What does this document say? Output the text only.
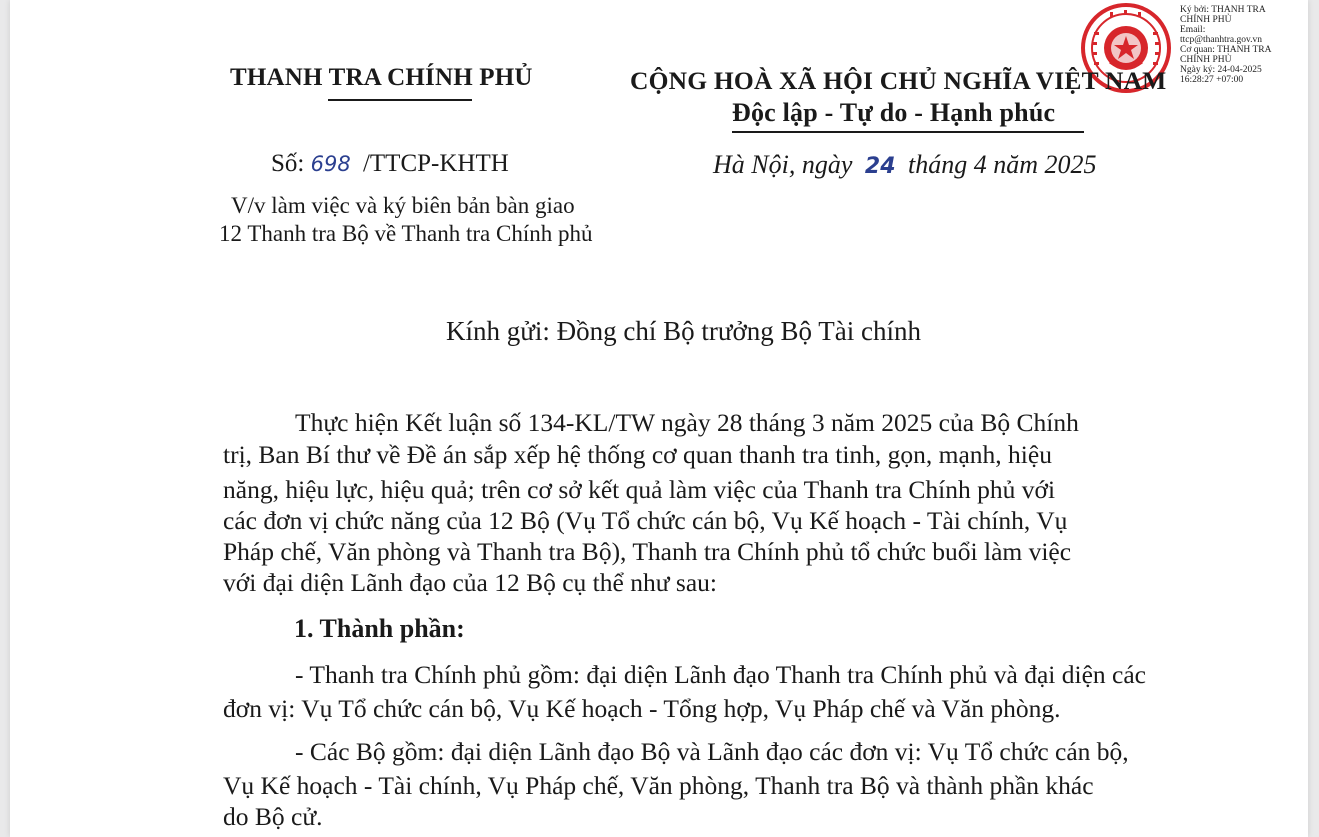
Ký bởi: THANH TRA
CHÍNH PHỦ
Email:
ttcp@thanhtra.gov.vn
Cơ quan: THANH TRA
CHÍNH PHỦ
Ngày ký: 24-04-2025
16:28:27 +07:00
THANH TRA CHÍNH PHỦ	CỘNG HOÀ XÃ HỘI CHỦ NGHĨA VIỆT NAM
Độc lập - Tự do - Hạnh phúc
Số: 698 /TTCP-KHTH	Hà Nội, ngày 24 tháng 4 năm 2025
V/v làm việc và ký biên bản bàn giao
12 Thanh tra Bộ về Thanh tra Chính phủ
Kính gửi: Đồng chí Bộ trưởng Bộ Tài chính
Thực hiện Kết luận số 134-KL/TW ngày 28 tháng 3 năm 2025 của Bộ Chính
trị, Ban Bí thư về Đề án sắp xếp hệ thống cơ quan thanh tra tinh, gọn, mạnh, hiệu
năng, hiệu lực, hiệu quả; trên cơ sở kết quả làm việc của Thanh tra Chính phủ với
các đơn vị chức năng của 12 Bộ (Vụ Tổ chức cán bộ, Vụ Kế hoạch - Tài chính, Vụ
Pháp chế, Văn phòng và Thanh tra Bộ), Thanh tra Chính phủ tổ chức buổi làm việc
với đại diện Lãnh đạo của 12 Bộ cụ thể như sau:
1. Thành phần:
- Thanh tra Chính phủ gồm: đại diện Lãnh đạo Thanh tra Chính phủ và đại diện các
đơn vị: Vụ Tổ chức cán bộ, Vụ Kế hoạch - Tổng hợp, Vụ Pháp chế và Văn phòng.
- Các Bộ gồm: đại diện Lãnh đạo Bộ và Lãnh đạo các đơn vị: Vụ Tổ chức cán bộ,
Vụ Kế hoạch - Tài chính, Vụ Pháp chế, Văn phòng, Thanh tra Bộ và thành phần khác
do Bộ cử.
